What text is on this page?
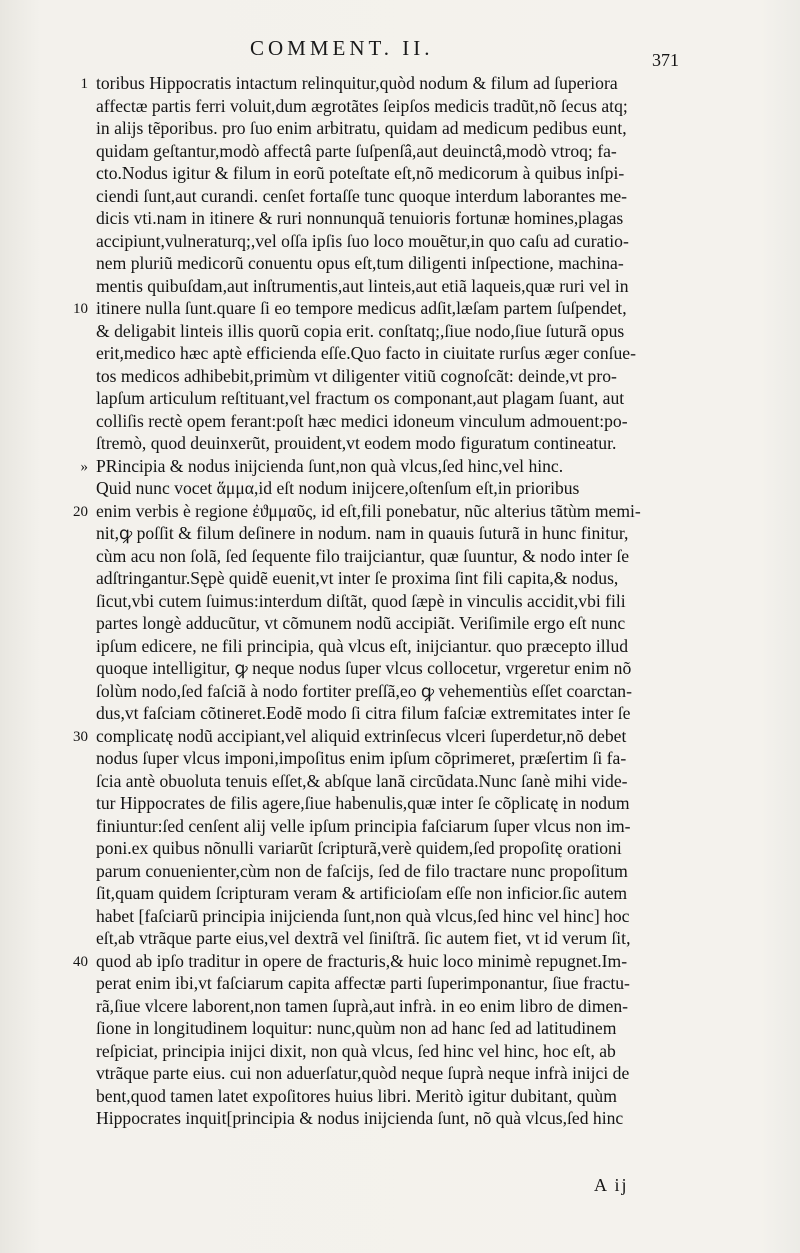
COMMENT. II.	371
toribus Hippocratis intactum relinquitur,quòd nodum & filum ad ſuperiora
affectæ partis ferri voluit,dum ægrotãtes ſeipſos medicis tradũt,nõ ſecus atq;
in alijs tẽporibus. pro ſuo enim arbitratu, quidam ad medicum pedibus eunt,
quidam geſtantur,modò affectâ parte ſuſpenſâ,aut deuinctâ,modò vtroq; fa-
cto.Nodus igitur & filum in eorũ poteſtate eſt,nõ medicorum à quibus inſpi-
ciendi ſunt,aut curandi. cenſet fortaſſe tunc quoque interdum laborantes me-
dicis vti.nam in itinere & ruri nonnunquã tenuioris fortunæ homines,plagas
accipiunt,vulneraturq;,vel oſſa ipſis ſuo loco mouẽtur,in quo caſu ad curatio-
nem pluriũ medicorũ conuentu opus eſt,tum diligenti inſpectione, machina-
mentis quibuſdam,aut inſtrumentis,aut linteis,aut etiã laqueis,quæ ruri vel in
itinere nulla ſunt.quare ſi eo tempore medicus adſit,læſam partem ſuſpendet,
& deligabit linteis illis quorũ copia erit. conſtatq;,ſiue nodo,ſiue ſuturã opus
erit,medico hæc aptè efficienda eſſe.Quo facto in ciuitate rurſus æger conſue-
tos medicos adhibebit,primùm vt diligenter vitiũ cognoſcãt: deinde,vt pro-
lapſum articulum reſtituant,vel fractum os componant,aut plagam ſuant, aut
colliſis rectè opem ferant:poſt hæc medici idoneum vinculum admouent:po-
ſtremò, quod deuinxerũt, prouident,vt eodem modo figuratum contineatur.
PRincipia & nodus inijcienda ſunt,non quà vlcus,ſed hinc,vel hinc.
Quid nunc vocet ἅμμα,id eſt nodum inijcere,oſtenſum eſt,in prioribus
enim verbis è regione ἐϑμμαῦς, id eſt,fili ponebatur, nũc alterius tãtùm memi-
nit,ꝙ poſſit & filum deſinere in nodum. nam in quauis ſuturã in hunc finitur,
cùm acu non ſolã, ſed ſequente filo traijciantur, quæ ſuuntur, & nodo inter ſe
adſtringantur.Sępè quidẽ euenit,vt inter ſe proxima ſint fili capita,& nodus,
ſicut,vbi cutem ſuimus:interdum diſtãt, quod ſæpè in vinculis accidit,vbi fili
partes longè adducũtur, vt cõmunem nodũ accipiãt. Veriſimile ergo eſt nunc
ipſum edicere, ne fili principia, quà vlcus eſt, inijciantur. quo præcepto illud
quoque intelligitur, ꝙ neque nodus ſuper vlcus collocetur, vrgeretur enim nõ
ſolùm nodo,ſed faſciã à nodo fortiter preſſã,eo ꝙ vehementiùs eſſet coarctan-
dus,vt faſciam cõtineret.Eodẽ modo ſi citra filum faſciæ extremitates inter ſe
complicatę nodũ accipiant,vel aliquid extrinſecus vlceri ſuperdetur,nõ debet
nodus ſuper vlcus imponi,impoſitus enim ipſum cõprimeret, præſertim ſi fa-
ſcia antè obuoluta tenuis eſſet,& abſque lanã circũdata.Nunc ſanè mihi vide-
tur Hippocrates de filis agere,ſiue habenulis,quæ inter ſe cõplicatę in nodum
finiuntur:ſed cenſent alij velle ipſum principia faſciarum ſuper vlcus non im-
poni.ex quibus nõnulli variarũt ſcripturã,verè quidem,ſed propoſitę orationi
parum conuenienter,cùm non de faſcijs, ſed de filo tractare nunc propoſitum
ſit,quam quidem ſcripturam veram & artificioſam eſſe non inficior.ſic autem
habet [faſciarũ principia inijcienda ſunt,non quà vlcus,ſed hinc vel hinc] hoc
eſt,ab vtrãque parte eius,vel dextrã vel ſiniſtrã. ſic autem fiet, vt id verum ſit,
quod ab ipſo traditur in opere de fracturis,& huic loco minimè repugnet.Im-
perat enim ibi,vt faſciarum capita affectæ parti ſuperimponantur, ſiue fractu-
rã,ſiue vlcere laborent,non tamen ſuprà,aut infrà. in eo enim libro de dimen-
ſione in longitudinem loquitur: nunc,quùm non ad hanc ſed ad latitudinem
reſpiciat, principia inijci dixit, non quà vlcus, ſed hinc vel hinc, hoc eſt, ab
vtrãque parte eius. cui non aduerſatur,quòd neque ſuprà neque infrà inijci de
bent,quod tamen latet expoſitores huius libri. Meritò igitur dubitant, quùm
Hippocrates inquit[principia & nodus inijcienda ſunt, nõ quà vlcus,ſed hinc
1
10
»
20
30
40
A ij
